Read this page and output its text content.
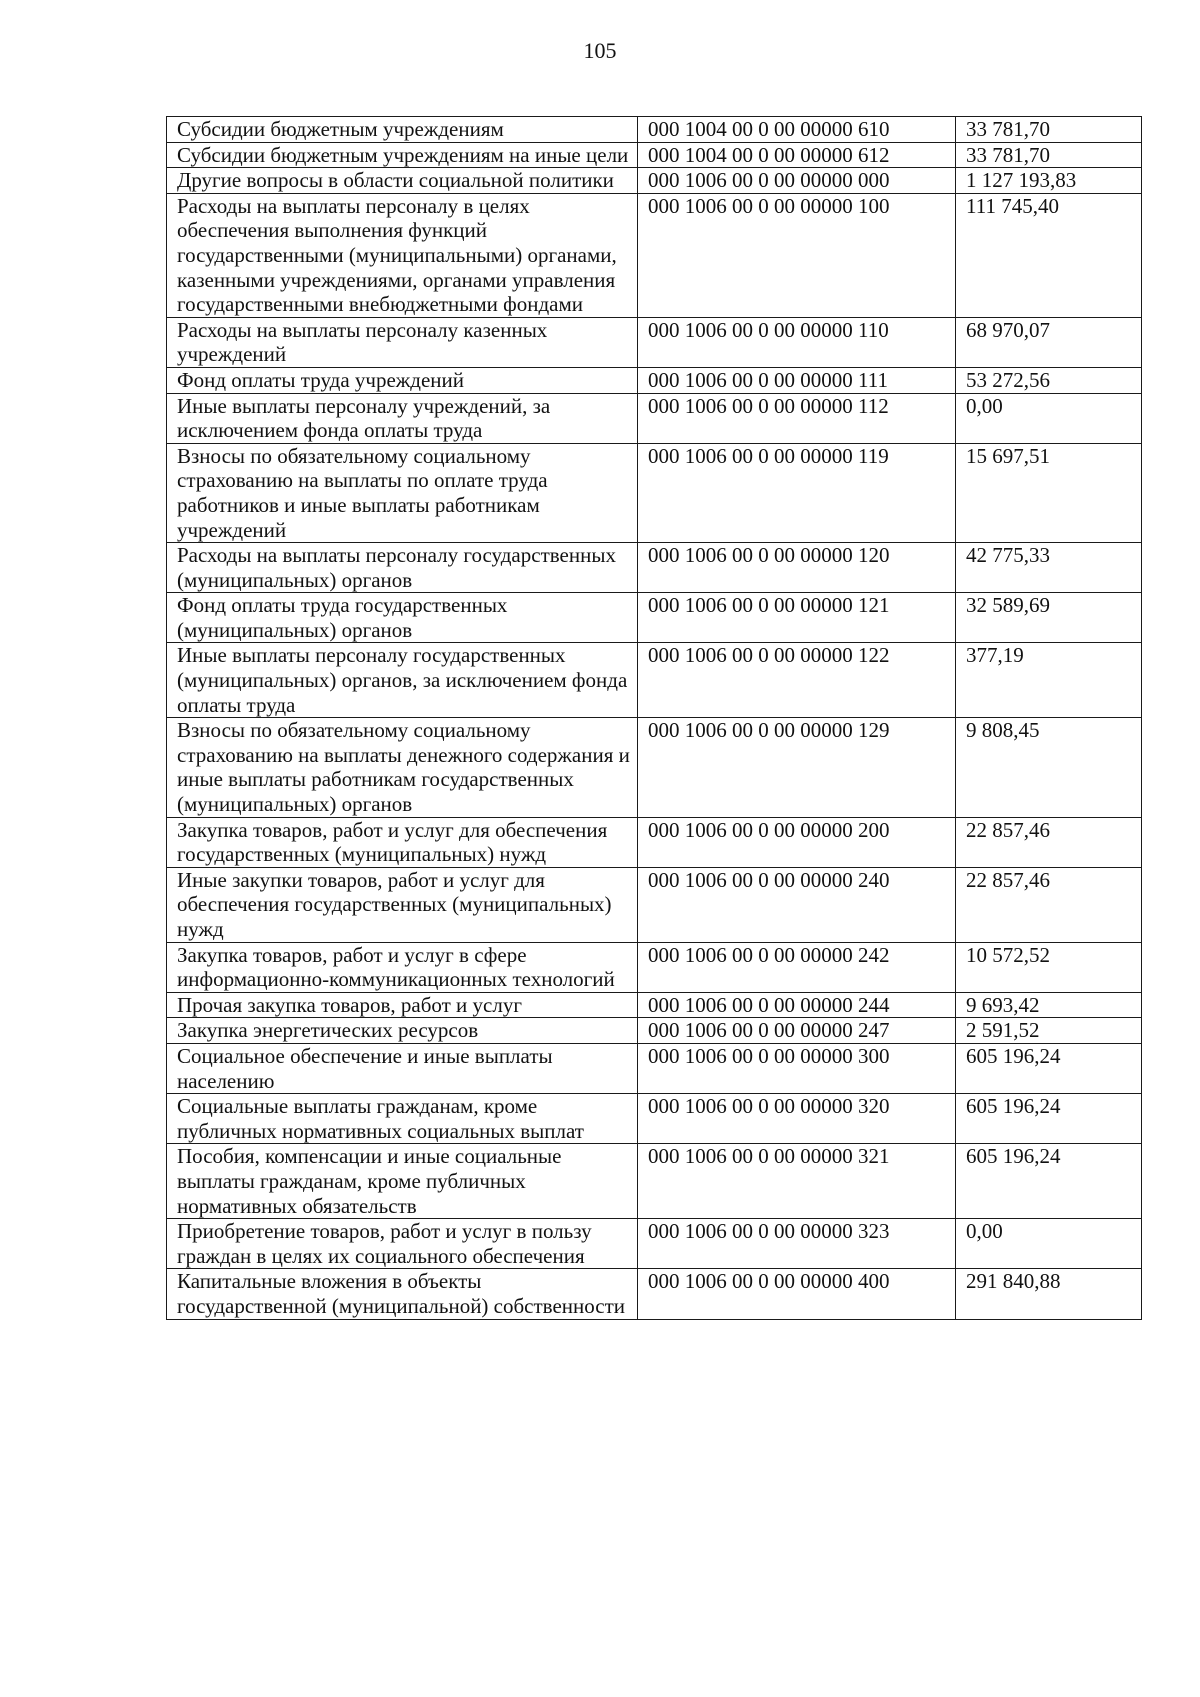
105
Субсидии бюджетным учреждениям	000 1004 00 0 00 00000 610	33 781,70
Субсидии бюджетным учреждениям на иные цели	000 1004 00 0 00 00000 612	33 781,70
Другие вопросы в области социальной политики	000 1006 00 0 00 00000 000	1 127 193,83
Расходы на выплаты персоналу в целях обеспечения выполнения функций государственными (муниципальными) органами, казенными учреждениями, органами управления государственными внебюджетными фондами	000 1006 00 0 00 00000 100	111 745,40
Расходы на выплаты персоналу казенных учреждений	000 1006 00 0 00 00000 110	68 970,07
Фонд оплаты труда учреждений	000 1006 00 0 00 00000 111	53 272,56
Иные выплаты персоналу учреждений, за исключением фонда оплаты труда	000 1006 00 0 00 00000 112	0,00
Взносы по обязательному социальному страхованию на выплаты по оплате труда работников и иные выплаты работникам учреждений	000 1006 00 0 00 00000 119	15 697,51
Расходы на выплаты персоналу государственных (муниципальных) органов	000 1006 00 0 00 00000 120	42 775,33
Фонд оплаты труда государственных (муниципальных) органов	000 1006 00 0 00 00000 121	32 589,69
Иные выплаты персоналу государственных (муниципальных) органов, за исключением фонда оплаты труда	000 1006 00 0 00 00000 122	377,19
Взносы по обязательному социальному страхованию на выплаты денежного содержания и иные выплаты работникам государственных (муниципальных) органов	000 1006 00 0 00 00000 129	9 808,45
Закупка товаров, работ и услуг для обеспечения государственных (муниципальных) нужд	000 1006 00 0 00 00000 200	22 857,46
Иные закупки товаров, работ и услуг для обеспечения государственных (муниципальных) нужд	000 1006 00 0 00 00000 240	22 857,46
Закупка товаров, работ и услуг в сфере информационно-коммуникационных технологий	000 1006 00 0 00 00000 242	10 572,52
Прочая закупка товаров, работ и услуг	000 1006 00 0 00 00000 244	9 693,42
Закупка энергетических ресурсов	000 1006 00 0 00 00000 247	2 591,52
Социальное обеспечение и иные выплаты населению	000 1006 00 0 00 00000 300	605 196,24
Социальные выплаты гражданам, кроме публичных нормативных социальных выплат	000 1006 00 0 00 00000 320	605 196,24
Пособия, компенсации и иные социальные выплаты гражданам, кроме публичных нормативных обязательств	000 1006 00 0 00 00000 321	605 196,24
Приобретение товаров, работ и услуг в пользу граждан в целях их социального обеспечения	000 1006 00 0 00 00000 323	0,00
Капитальные вложения в объекты государственной (муниципальной) собственности	000 1006 00 0 00 00000 400	291 840,88
